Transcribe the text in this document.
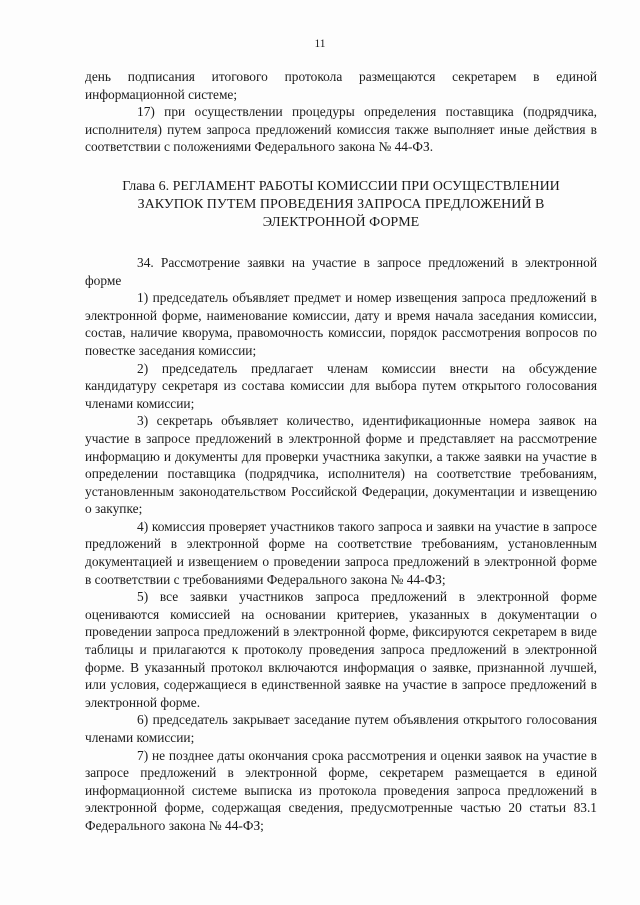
11

день подписания итогового протокола размещаются секретарем в единой информационной системе;

17) при осуществлении процедуры определения поставщика (подрядчика, исполнителя) путем запроса предложений комиссия также выполняет иные действия в соответствии с положениями Федерального закона № 44-ФЗ.

Глава 6. РЕГЛАМЕНТ РАБОТЫ КОМИССИИ ПРИ ОСУЩЕСТВЛЕНИИ ЗАКУПОК ПУТЕМ ПРОВЕДЕНИЯ ЗАПРОСА ПРЕДЛОЖЕНИЙ В ЭЛЕКТРОННОЙ ФОРМЕ

34. Рассмотрение заявки на участие в запросе предложений в электронной форме

1) председатель объявляет предмет и номер извещения запроса предложений в электронной форме, наименование комиссии, дату и время начала заседания комиссии, состав, наличие кворума, правомочность комиссии, порядок рассмотрения вопросов по повестке заседания комиссии;

2) председатель предлагает членам комиссии внести на обсуждение кандидатуру секретаря из состава комиссии для выбора путем открытого голосования членами комиссии;

3) секретарь объявляет количество, идентификационные номера заявок на участие в запросе предложений в электронной форме и представляет на рассмотрение информацию и документы для проверки участника закупки, а также заявки на участие в определении поставщика (подрядчика, исполнителя) на соответствие требованиям, установленным законодательством Российской Федерации, документации и извещению о закупке;

4) комиссия проверяет участников такого запроса и заявки на участие в запросе предложений в электронной форме на соответствие требованиям, установленным документацией и извещением о проведении запроса предложений в электронной форме в соответствии с требованиями Федерального закона № 44-ФЗ;

5) все заявки участников запроса предложений в электронной форме оцениваются комиссией на основании критериев, указанных в документации о проведении запроса предложений в электронной форме, фиксируются секретарем в виде таблицы и прилагаются к протоколу проведения запроса предложений в электронной форме. В указанный протокол включаются информация о заявке, признанной лучшей, или условия, содержащиеся в единственной заявке на участие в запросе предложений в электронной форме.

6) председатель закрывает заседание путем объявления открытого голосования членами комиссии;

7) не позднее даты окончания срока рассмотрения и оценки заявок на участие в запросе предложений в электронной форме, секретарем размещается в единой информационной системе выписка из протокола проведения запроса предложений в электронной форме, содержащая сведения, предусмотренные частью 20 статьи 83.1 Федерального закона № 44-ФЗ;
